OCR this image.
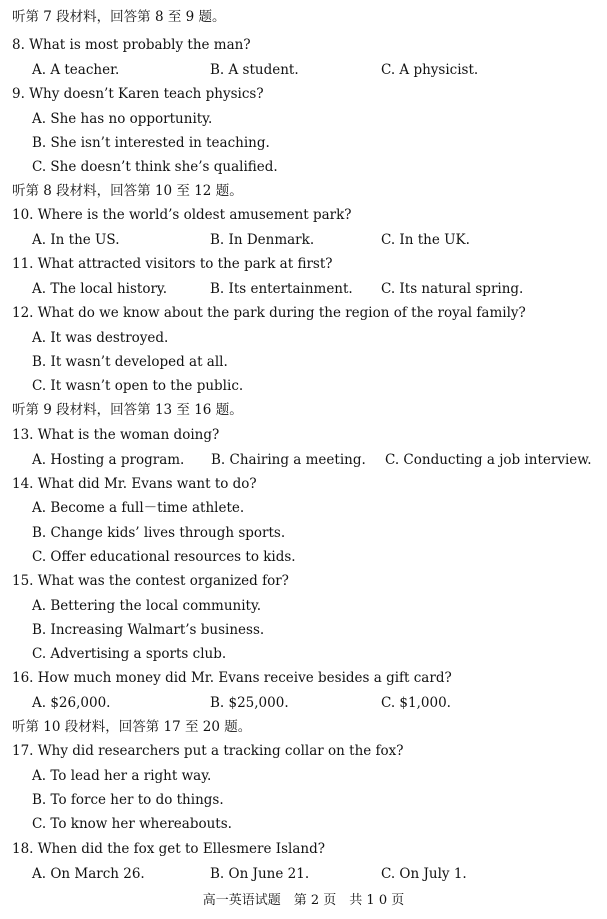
听第 7 段材料，回答第 8 至 9 题。
8. What is most probably the man?
A. A teacher.	B. A student.	C. A physicist.
9. Why doesn’t Karen teach physics?
A. She has no opportunity.
B. She isn’t interested in teaching.
C. She doesn’t think she’s qualified.
听第 8 段材料，回答第 10 至 12 题。
10. Where is the world’s oldest amusement park?
A. In the US.	B. In Denmark.	C. In the UK.
11. What attracted visitors to the park at first?
A. The local history.	B. Its entertainment. C. Its natural spring.
12. What do we know about the park during the region of the royal family?
A. It was destroyed.
B. It wasn’t developed at all.
C. It wasn’t open to the public.
听第 9 段材料，回答第 13 至 16 题。
13. What is the woman doing?
A. Hosting a program. B. Chairing a meeting. C. Conducting a job interview.
14. What did Mr. Evans want to do?
A. Become a full－time athlete.
B. Change kids’ lives through sports.
C. Offer educational resources to kids.
15. What was the contest organized for?
A. Bettering the local community.
B. Increasing Walmart’s business.
C. Advertising a sports club.
16. How much money did Mr. Evans receive besides a gift card?
A. $26,000.	B. $25,000.	C. $1,000.
听第 10 段材料，回答第 17 至 20 题。
17. Why did researchers put a tracking collar on the fox?
A. To lead her a right way.
B. To force her to do things.
C. To know her whereabouts.
18. When did the fox get to Ellesmere Island?
A. On March 26.	B. On June 21.	C. On July 1.
高一英语试题　第 2 页　共 1 0 页
